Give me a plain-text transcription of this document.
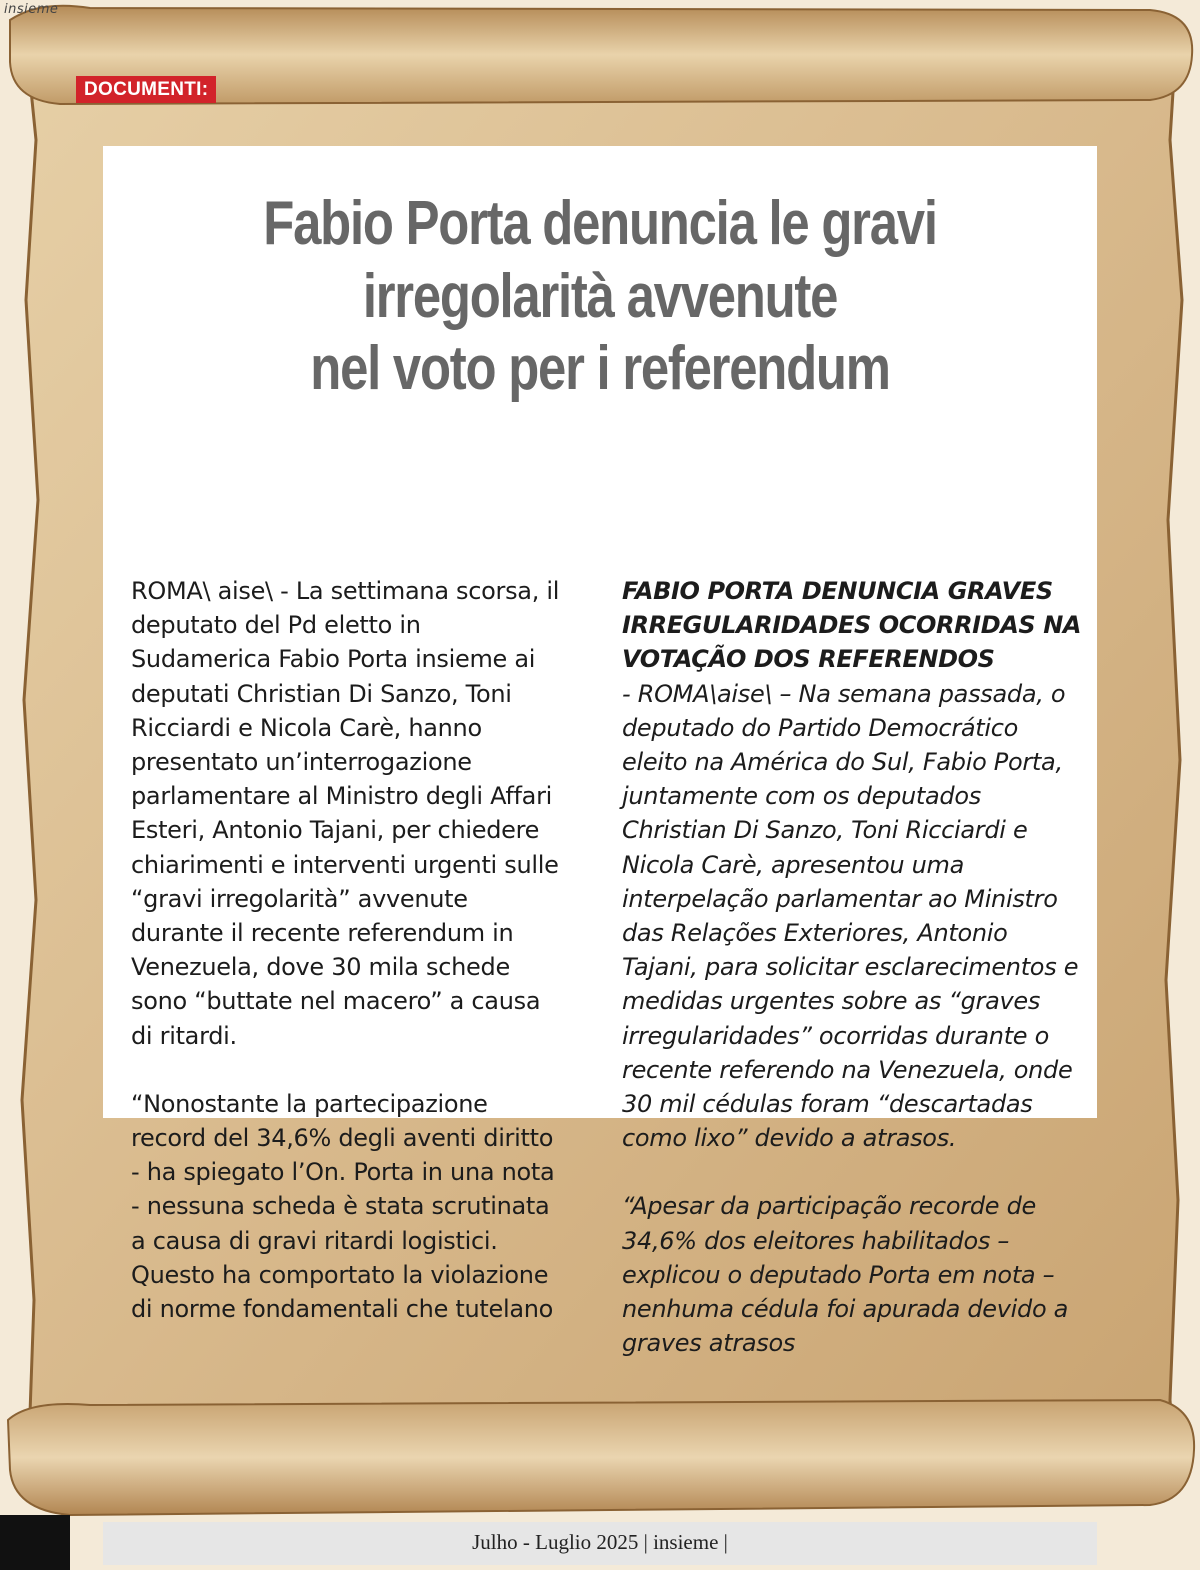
insieme
DOCUMENTI:
Fabio Porta denuncia le gravi
irregolarità avvenute
nel voto per i referendum

ROMA\ aise\ - La settimana scorsa, il deputato del Pd eletto in Sudamerica Fabio Porta insieme ai deputati Christian Di Sanzo, Toni Ricciardi e Nicola Carè, hanno presentato un’interrogazione parlamentare al Ministro degli Affari Esteri, Antonio Tajani, per chiedere chiarimenti e interventi urgenti sulle “gravi irregolarità” avvenute durante il recente referendum in Venezuela, dove 30 mila schede sono “buttate nel macero” a causa di ritardi.

“Nonostante la partecipazione record del 34,6% degli aventi diritto - ha spiegato l’On. Porta in una nota - nessuna scheda è stata scrutinata a causa di gravi ritardi logistici. Questo ha comportato la violazione di norme fondamentali che tutelano

FABIO PORTA DENUNCIA GRAVES IRREGULARIDADES OCORRIDAS NA VOTAÇÃO DOS REFERENDOS

- ROMA\aise\ – Na semana passada, o deputado do Partido Democrático eleito na América do Sul, Fabio Porta, juntamente com os deputados Christian Di Sanzo, Toni Ricciardi e Nicola Carè, apresentou uma interpelação parlamentar ao Ministro das Relações Exteriores, Antonio Tajani, para solicitar esclarecimentos e medidas urgentes sobre as “graves irregularidades” ocorridas durante o recente referendo na Venezuela, onde 30 mil cédulas foram “descartadas como lixo” devido a atrasos.

“Apesar da participação recorde de 34,6% dos eleitores habilitados – explicou o deputado Porta em nota – nenhuma cédula foi apurada devido a graves atrasos

Julho - Luglio 2025 | insieme |
